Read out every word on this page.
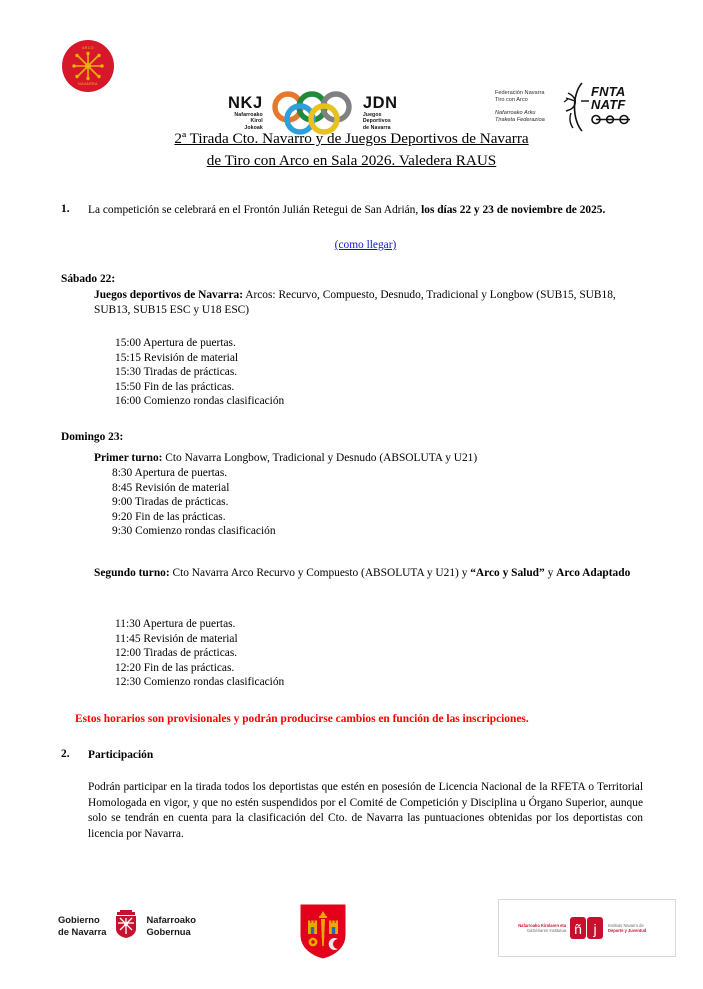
ARCO
NAVARRA
NKJ
Nafarroako
Kirol
Jokoak
JDN
Juegos
Deportivos
de Navarra
Federación Navarra
Tiro con Arco
Nafarroako Arku
Tiraketa Federazioa
FNTA
NATF
2ª Tirada Cto. Navarro y de Juegos Deportivos de Navarra
de Tiro con Arco en Sala 2026. Valedera RAUS
1. La competición se celebrará en el Frontón Julián Retegui de San Adrián, los días 22 y 23 de noviembre de 2025.
(como llegar)
Sábado 22:
Juegos deportivos de Navarra: Arcos: Recurvo, Compuesto, Desnudo, Tradicional y Longbow (SUB15, SUB18, SUB13, SUB15 ESC y U18 ESC)
15:00 Apertura de puertas.
15:15 Revisión de material
15:30 Tiradas de prácticas.
15:50 Fin de las prácticas.
16:00 Comienzo rondas clasificación
Domingo 23:
Primer turno: Cto Navarra Longbow, Tradicional y Desnudo (ABSOLUTA y U21)
8:30 Apertura de puertas.
8:45 Revisión de material
9:00 Tiradas de prácticas.
9:20 Fin de las prácticas.
9:30 Comienzo rondas clasificación
Segundo turno: Cto Navarra Arco Recurvo y Compuesto (ABSOLUTA y U21) y “Arco y Salud” y Arco Adaptado
11:30 Apertura de puertas.
11:45 Revisión de material
12:00 Tiradas de prácticas.
12:20 Fin de las prácticas.
12:30 Comienzo rondas clasificación
Estos horarios son provisionales y podrán producirse cambios en función de las inscripciones.
2. Participación
Podrán participar en la tirada todos los deportistas que estén en posesión de Licencia Nacional de la RFETA o Territorial Homologada en vigor, y que no estén suspendidos por el Comité de Competición y Disciplina u Órgano Superior, aunque solo se tendrán en cuenta para la clasificación del Cto. de Navarra las puntuaciones obtenidas por los deportistas con licencia por Navarra.
Gobierno
de Navarra
Nafarroako
Gobernua
Nafarroako Kirolaren eta
Gazteriaren Institutua ñ j	Instituto Navarro de
Deporte y Juventud
